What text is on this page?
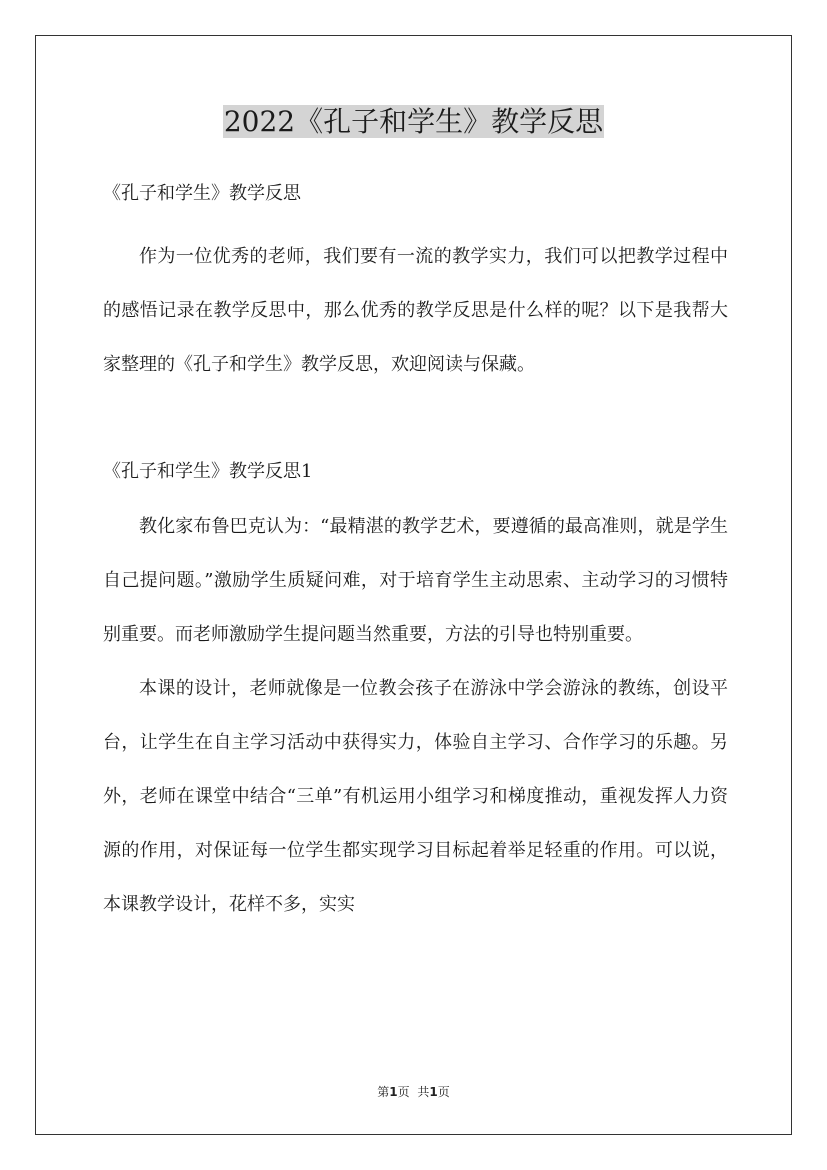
2022《孔子和学生》教学反思

《孔子和学生》教学反思

作为一位优秀的老师，我们要有一流的教学实力，我们可以把教学过程中的感悟记录在教学反思中，那么优秀的教学反思是什么样的呢？以下是我帮大家整理的《孔子和学生》教学反思，欢迎阅读与保藏。

《孔子和学生》教学反思1

教化家布鲁巴克认为：“最精湛的教学艺术，要遵循的最高准则，就是学生自己提问题。”激励学生质疑问难，对于培育学生主动思索、主动学习的习惯特别重要。而老师激励学生提问题当然重要，方法的引导也特别重要。

本课的设计，老师就像是一位教会孩子在游泳中学会游泳的教练，创设平台，让学生在自主学习活动中获得实力，体验自主学习、合作学习的乐趣。另外，老师在课堂中结合“三单”有机运用小组学习和梯度推动，重视发挥人力资源的作用，对保证每一位学生都实现学习目标起着举足轻重的作用。可以说，本课教学设计，花样不多，实实

第1页 共1页
